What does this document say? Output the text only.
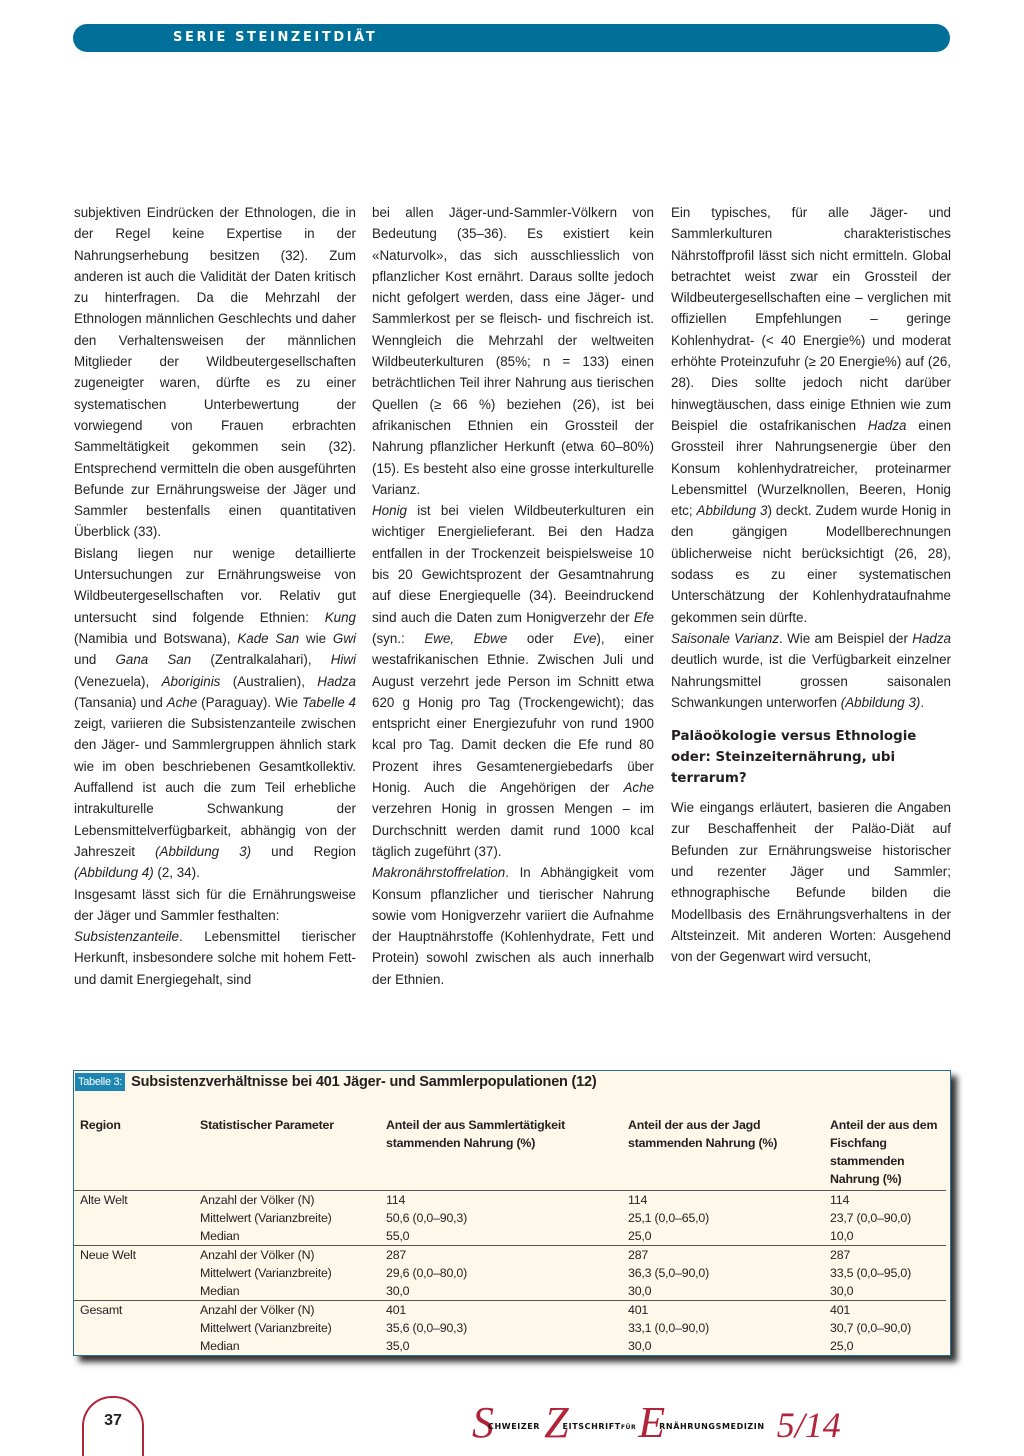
SERIE STEINZEITDIÄT

subjektiven Eindrücken der Ethnologen, die in der Regel keine Expertise in der Nahrungserhebung besitzen (32). Zum anderen ist auch die Validität der Daten kritisch zu hinterfragen. Da die Mehrzahl der Ethnologen männlichen Geschlechts und daher den Verhaltensweisen der männlichen Mitglieder der Wildbeutergesellschaften zugeneigter waren, dürfte es zu einer systematischen Unterbewertung der vorwiegend von Frauen erbrachten Sammeltätigkeit gekommen sein (32). Entsprechend vermitteln die oben ausgeführten Befunde zur Ernährungsweise der Jäger und Sammler bestenfalls einen quantitativen Überblick (33).

Bislang liegen nur wenige detaillierte Untersuchungen zur Ernährungsweise von Wildbeutergesellschaften vor. Relativ gut untersucht sind folgende Ethnien: Kung (Namibia und Botswana), Kade San wie Gwi und Gana San (Zentralkalahari), Hiwi (Venezuela), Aboriginis (Australien), Hadza (Tansania) und Ache (Paraguay). Wie Tabelle 4 zeigt, variieren die Subsistenzanteile zwischen den Jäger- und Sammlergruppen ähnlich stark wie im oben beschriebenen Gesamtkollektiv. Auffallend ist auch die zum Teil erhebliche intrakulturelle Schwankung der Lebensmittelverfügbarkeit, abhängig von der Jahreszeit (Abbildung 3) und Region (Abbildung 4) (2, 34).

Insgesamt lässt sich für die Ernährungsweise der Jäger und Sammler festhalten:

Subsistenzanteile. Lebensmittel tierischer Herkunft, insbesondere solche mit hohem Fett- und damit Energiegehalt, sind

bei allen Jäger-und-Sammler-Völkern von Bedeutung (35–36). Es existiert kein «Naturvolk», das sich ausschliesslich von pflanzlicher Kost ernährt. Daraus sollte jedoch nicht gefolgert werden, dass eine Jäger- und Sammlerkost per se fleisch- und fischreich ist. Wenngleich die Mehrzahl der weltweiten Wildbeuterkulturen (85%; n = 133) einen beträchtlichen Teil ihrer Nahrung aus tierischen Quellen (≥ 66 %) beziehen (26), ist bei afrikanischen Ethnien ein Grossteil der Nahrung pflanzlicher Herkunft (etwa 60–80%) (15). Es besteht also eine grosse interkulturelle Varianz.

Honig ist bei vielen Wildbeuterkulturen ein wichtiger Energielieferant. Bei den Hadza entfallen in der Trockenzeit beispielsweise 10 bis 20 Gewichtsprozent der Gesamtnahrung auf diese Energiequelle (34). Beeindruckend sind auch die Daten zum Honigverzehr der Efe (syn.: Ewe, Ebwe oder Eve), einer westafrikanischen Ethnie. Zwischen Juli und August verzehrt jede Person im Schnitt etwa 620 g Honig pro Tag (Trockengewicht); das entspricht einer Energiezufuhr von rund 1900 kcal pro Tag. Damit decken die Efe rund 80 Prozent ihres Gesamtenergiebedarfs über Honig. Auch die Angehörigen der Ache verzehren Honig in grossen Mengen – im Durchschnitt werden damit rund 1000 kcal täglich zugeführt (37).

Makronährstoffrelation. In Abhängigkeit vom Konsum pflanzlicher und tierischer Nahrung sowie vom Honigverzehr variiert die Aufnahme der Hauptnährstoffe (Kohlenhydrate, Fett und Protein) sowohl zwischen als auch innerhalb der Ethnien.

Ein typisches, für alle Jäger- und Sammlerkulturen charakteristisches Nährstoffprofil lässt sich nicht ermitteln. Global betrachtet weist zwar ein Grossteil der Wildbeutergesellschaften eine – verglichen mit offiziellen Empfehlungen – geringe Kohlenhydrat- (< 40 Energie%) und moderat erhöhte Proteinzufuhr (≥ 20 Energie%) auf (26, 28). Dies sollte jedoch nicht darüber hinwegtäuschen, dass einige Ethnien wie zum Beispiel die ostafrikanischen Hadza einen Grossteil ihrer Nahrungsenergie über den Konsum kohlenhydratreicher, proteinarmer Lebensmittel (Wurzelknollen, Beeren, Honig etc; Abbildung 3) deckt. Zudem wurde Honig in den gängigen Modellberechnungen üblicherweise nicht berücksichtigt (26, 28), sodass es zu einer systematischen Unterschätzung der Kohlenhydrataufnahme gekommen sein dürfte.

Saisonale Varianz. Wie am Beispiel der Hadza deutlich wurde, ist die Verfügbarkeit einzelner Nahrungsmittel grossen saisonalen Schwankungen unterworfen (Abbildung 3).

Paläoökologie versus Ethnologie oder: Steinzeiternährung, ubi terrarum?

Wie eingangs erläutert, basieren die Angaben zur Beschaffenheit der Paläo-Diät auf Befunden zur Ernährungsweise historischer und rezenter Jäger und Sammler; ethnographische Befunde bilden die Modellbasis des Ernährungsverhaltens in der Altsteinzeit. Mit anderen Worten: Ausgehend von der Gegenwart wird versucht,

Tabelle 3: Subsistenzverhältnisse bei 401 Jäger- und Sammlerpopulationen (12)
Region	Statistischer Parameter	Anteil der aus Sammlertätigkeit stammenden Nahrung (%)	Anteil der aus der Jagd stammenden Nahrung (%)	Anteil der aus dem Fischfang stammenden Nahrung (%)
Alte Welt	Anzahl der Völker (N)	114	114	114
	Mittelwert (Varianzbreite)	50,6 (0,0–90,3)	25,1 (0,0–65,0)	23,7 (0,0–90,0)
	Median	55,0	25,0	10,0
Neue Welt	Anzahl der Völker (N)	287	287	287
	Mittelwert (Varianzbreite)	29,6 (0,0–80,0)	36,3 (5,0–90,0)	33,5 (0,0–95,0)
	Median	30,0	30,0	30,0
Gesamt	Anzahl der Völker (N)	401	401	401
	Mittelwert (Varianzbreite)	35,6 (0,0–90,3)	33,1 (0,0–90,0)	30,7 (0,0–90,0)
	Median	35,0	30,0	25,0
37	S
CHWEIZER Z
EITSCHRIFT FÜR E
RNÄHRUNGSMEDIZIN 5/14
